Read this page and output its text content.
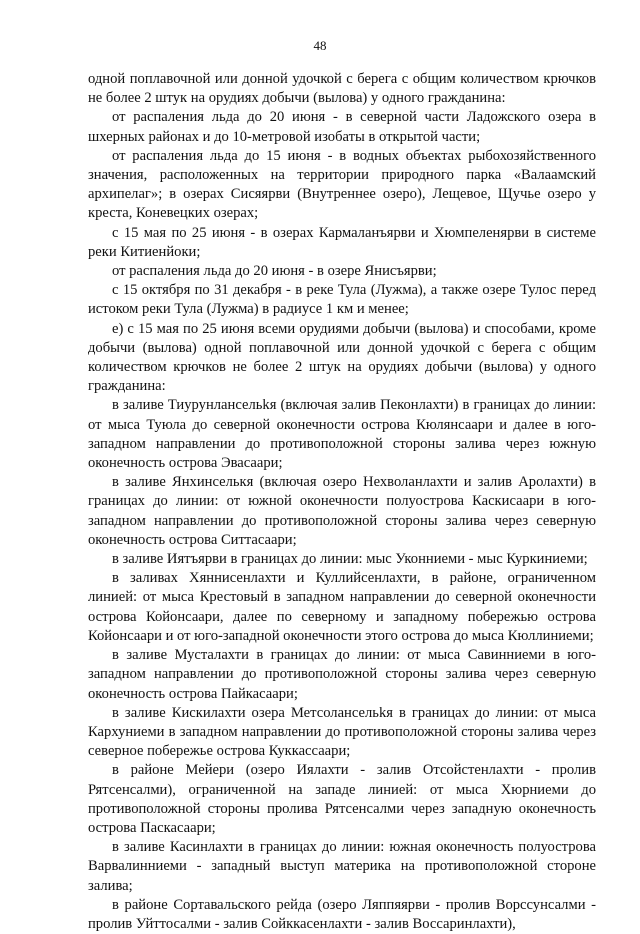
48

одной поплавочной или донной удочкой с берега с общим количеством крючков не более 2 штук на орудиях добычи (вылова) у одного гражданина:

от распаления льда до 20 июня - в северной части Ладожского озера в шхерных районах и до 10-метровой изобаты в открытой части;

от распаления льда до 15 июня - в водных объектах рыбохозяйственного значения, расположенных на территории природного парка «Валаамский архипелаг»; в озерах Сисяярви (Внутреннее озеро), Лещевое, Щучье озеро у креста, Коневецких озерах;

с 15 мая по 25 июня - в озерах Кармаланъярви и Хюмпеленярви в системе реки Китиенйоки;

от распаления льда до 20 июня - в озере Янисъярви;

с 15 октября по 31 декабря - в реке Тула (Лужма), а также озере Тулос перед истоком реки Тула (Лужма) в радиусе 1 км и менее;

е) с 15 мая по 25 июня всеми орудиями добычи (вылова) и способами, кроме добычи (вылова) одной поплавочной или донной удочкой с берега с общим количеством крючков не более 2 штук на орудиях добычи (вылова) у одного гражданина:

в заливе Тиурунлансельkя (включая залив Пеконлахти) в границах до линии: от мыса Туюла до северной оконечности острова Кюлянсаари и далее в юго-западном направлении до противоположной стороны залива через южную оконечность острова Эвасаари;

в заливе Янхинселькя (включая озеро Нехволанлахти и залив Аролахти) в границах до линии: от южной оконечности полуострова Каскисаари в юго-западном направлении до противоположной стороны залива через северную оконечность острова Ситтасаари;

в заливе Иятъярви в границах до линии: мыс Уконниеми - мыс Куркиниеми;

в заливах Хяннисенлахти и Куллийсенлахти, в районе, ограниченном линией: от мыса Крестовый в западном направлении до северной оконечности острова Койонсаари, далее по северному и западному побережью острова Койонсаари и от юго-западной оконечности этого острова до мыса Кюллиниеми;

в заливе Мусталахти в границах до линии: от мыса Савинниеми в юго-западном направлении до противоположной стороны залива через северную оконечность острова Пайкасаари;

в заливе Кискилахти озера Метсолансельkя в границах до линии: от мыса Кархуниеми в западном направлении до противоположной стороны залива через северное побережье острова Куккассаари;

в районе Мейери (озеро Иялахти - залив Отсойстенлахти - пролив Рятсенсалми), ограниченной на западе линией: от мыса Хюрниеми до противоположной стороны пролива Рятсенсалми через западную оконечность острова Паскасаари;

в заливе Касинлахти в границах до линии: южная оконечность полуострова Варвалинниеми - западный выступ материка на противоположной стороне залива;

в районе Сортавальского рейда (озеро Ляппяярви - пролив Ворссунсалми - пролив Уйттосалми - залив Сойккасенлахти - залив Воссаринлахти),
